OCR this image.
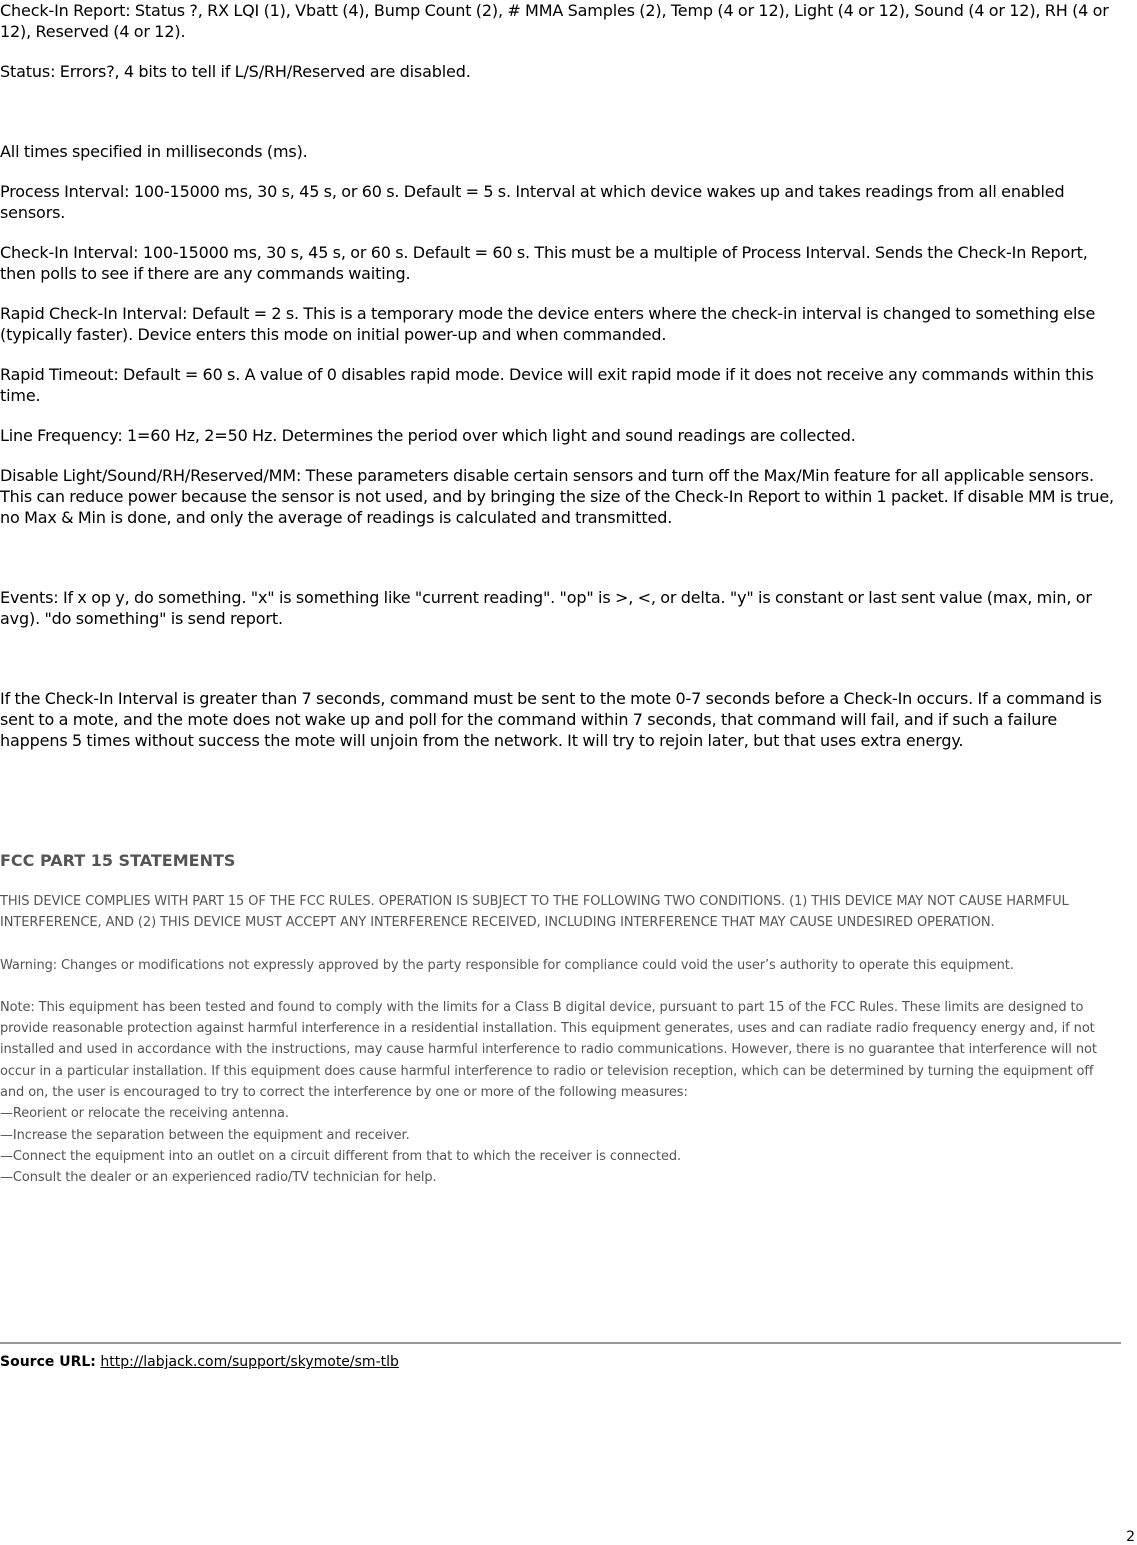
Check-In Report: Status ?, RX LQI (1), Vbatt (4), Bump Count (2), # MMA Samples (2), Temp (4 or 12), Light (4 or 12), Sound (4 or 12), RH (4 or 12), Reserved (4 or 12).

Status: Errors?, 4 bits to tell if L/S/RH/Reserved are disabled.

All times specified in milliseconds (ms).

Process Interval: 100-15000 ms, 30 s, 45 s, or 60 s. Default = 5 s. Interval at which device wakes up and takes readings from all enabled sensors.

Check-In Interval: 100-15000 ms, 30 s, 45 s, or 60 s. Default = 60 s. This must be a multiple of Process Interval. Sends the Check-In Report, then polls to see if there are any commands waiting.

Rapid Check-In Interval: Default = 2 s. This is a temporary mode the device enters where the check-in interval is changed to something else (typically faster). Device enters this mode on initial power-up and when commanded.

Rapid Timeout: Default = 60 s. A value of 0 disables rapid mode. Device will exit rapid mode if it does not receive any commands within this time.

Line Frequency: 1=60 Hz, 2=50 Hz. Determines the period over which light and sound readings are collected.

Disable Light/Sound/RH/Reserved/MM: These parameters disable certain sensors and turn off the Max/Min feature for all applicable sensors. This can reduce power because the sensor is not used, and by bringing the size of the Check-In Report to within 1 packet. If disable MM is true, no Max & Min is done, and only the average of readings is calculated and transmitted.

Events: If x op y, do something. "x" is something like "current reading". "op" is >, <, or delta. "y" is constant or last sent value (max, min, or avg). "do something" is send report.

If the Check-In Interval is greater than 7 seconds, command must be sent to the mote 0-7 seconds before a Check-In occurs. If a command is sent to a mote, and the mote does not wake up and poll for the command within 7 seconds, that command will fail, and if such a failure happens 5 times without success the mote will unjoin from the network. It will try to rejoin later, but that uses extra energy.

FCC PART 15 STATEMENTS

THIS DEVICE COMPLIES WITH PART 15 OF THE FCC RULES. OPERATION IS SUBJECT TO THE FOLLOWING TWO CONDITIONS. (1) THIS DEVICE MAY NOT CAUSE HARMFUL INTERFERENCE, AND (2) THIS DEVICE MUST ACCEPT ANY INTERFERENCE RECEIVED, INCLUDING INTERFERENCE THAT MAY CAUSE UNDESIRED OPERATION.

Warning: Changes or modifications not expressly approved by the party responsible for compliance could void the user’s authority to operate this equipment.

Note: This equipment has been tested and found to comply with the limits for a Class B digital device, pursuant to part 15 of the FCC Rules. These limits are designed to provide reasonable protection against harmful interference in a residential installation. This equipment generates, uses and can radiate radio frequency energy and, if not installed and used in accordance with the instructions, may cause harmful interference to radio communications. However, there is no guarantee that interference will not occur in a particular installation. If this equipment does cause harmful interference to radio or television reception, which can be determined by turning the equipment off and on, the user is encouraged to try to correct the interference by one or more of the following measures:

—Reorient or relocate the receiving antenna.

—Increase the separation between the equipment and receiver.

—Connect the equipment into an outlet on a circuit different from that to which the receiver is connected.

—Consult the dealer or an experienced radio/TV technician for help.

Source URL: http://labjack.com/support/skymote/sm-tlb
2
